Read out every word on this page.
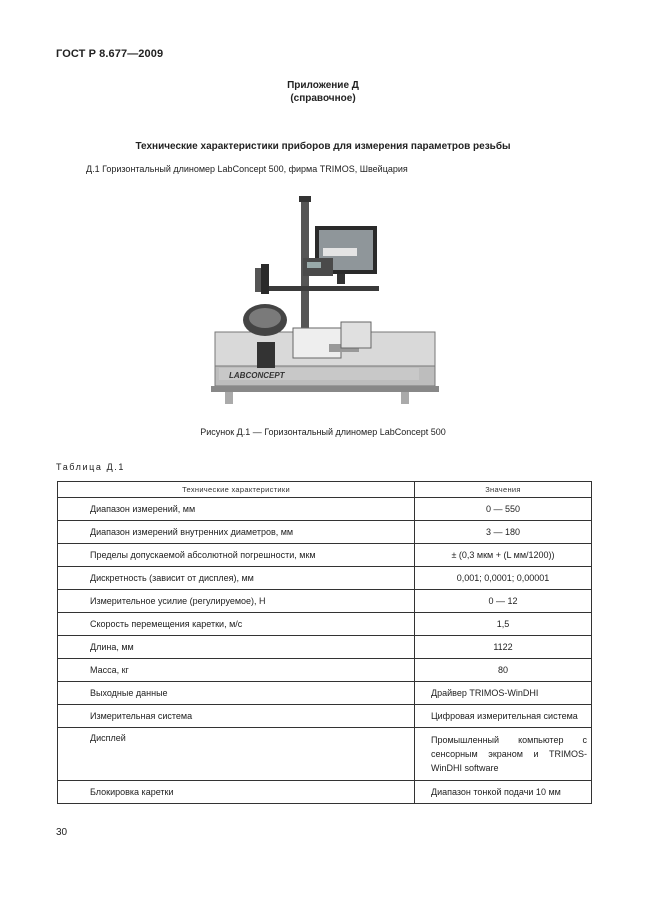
ГОСТ Р 8.677—2009
Приложение Д
(справочное)
Технические характеристики приборов для измерения параметров резьбы
Д.1 Горизонтальный длиномер LabConcept 500, фирма TRIMOS, Швейцария
LABCONCEPT
Рисунок Д.1 — Горизонтальный длиномер LabConcept 500
Таблица Д.1
Технические характеристики	Значения
Диапазон измерений, мм	0 — 550
Диапазон измерений внутренних диаметров, мм	3 — 180
Пределы допускаемой абсолютной погрешности, мкм	± (0,3 мкм + (L мм/1200))
Дискретность (зависит от дисплея), мм	0,001; 0,0001; 0,00001
Измерительное усилие (регулируемое), Н	0 — 12
Скорость перемещения каретки, м/с	1,5
Длина, мм	1122
Масса, кг	80
Выходные данные	Драйвер TRIMOS-WinDHI
Измерительная система	Цифровая измерительная система
Дисплей	Промышленный компьютер с сенсорным экраном и TRIMOS-WinDHI software
Блокировка каретки	Диапазон тонкой подачи 10 мм
30
